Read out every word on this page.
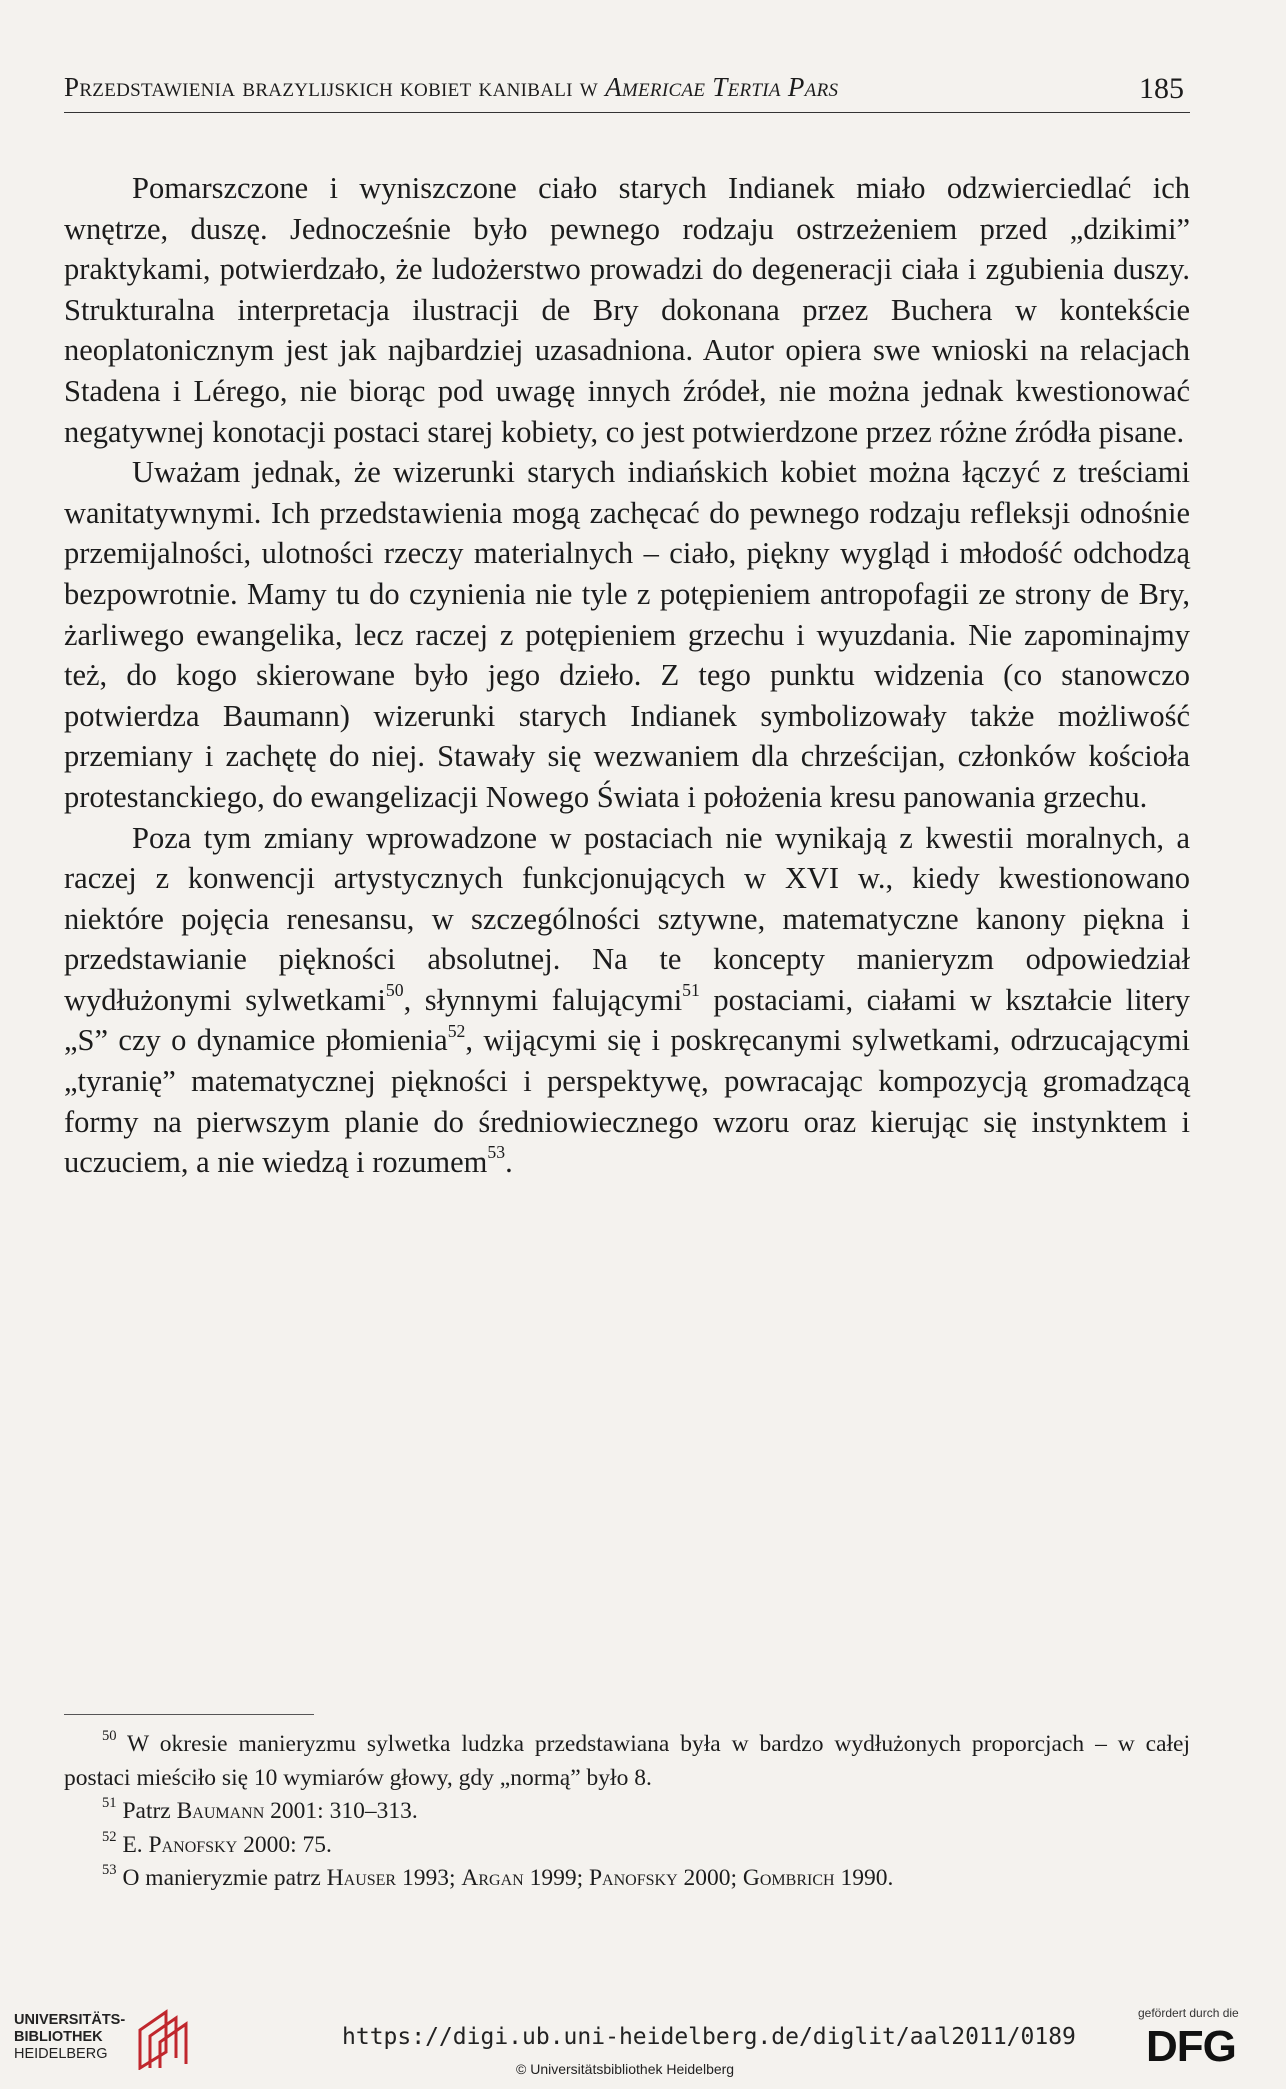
Przedstawienia brazylijskich kobiet kanibali w Americae Tertia Pars	185

Pomarszczone i wyniszczone ciało starych Indianek miało odzwierciedlać ich wnętrze, duszę. Jednocześnie było pewnego rodzaju ostrzeżeniem przed „dzikimi” praktykami, potwierdzało, że ludożerstwo prowadzi do degeneracji ciała i zgubienia duszy. Strukturalna interpretacja ilustracji de Bry dokonana przez Buchera w kontekście neoplatonicznym jest jak najbardziej uzasadniona. Autor opiera swe wnioski na relacjach Stadena i Lérego, nie biorąc pod uwagę innych źródeł, nie można jednak kwestionować negatywnej konotacji postaci starej kobiety, co jest potwierdzone przez różne źródła pisane.

Uważam jednak, że wizerunki starych indiańskich kobiet można łączyć z treściami wanitatywnymi. Ich przedstawienia mogą zachęcać do pewnego rodzaju refleksji odnośnie przemijalności, ulotności rzeczy materialnych – ciało, piękny wygląd i młodość odchodzą bezpowrotnie. Mamy tu do czynienia nie tyle z potępieniem antropofagii ze strony de Bry, żarliwego ewangelika, lecz raczej z potępieniem grzechu i wyuzdania. Nie zapominajmy też, do kogo skierowane było jego dzieło. Z tego punktu widzenia (co stanowczo potwierdza Baumann) wizerunki starych Indianek symbolizowały także możliwość przemiany i zachętę do niej. Stawały się wezwaniem dla chrześcijan, członków kościoła protestanckiego, do ewangelizacji Nowego Świata i położenia kresu panowania grzechu.

Poza tym zmiany wprowadzone w postaciach nie wynikają z kwestii moralnych, a raczej z konwencji artystycznych funkcjonujących w XVI w., kiedy kwestionowano niektóre pojęcia renesansu, w szczególności sztywne, matematyczne kanony piękna i przedstawianie piękności absolutnej. Na te koncepty manieryzm odpowiedział wydłużonymi sylwetkami$^{50}$, słynnymi falującymi$^{51}$ postaciami, ciałami w kształcie litery „S” czy o dynamice płomienia$^{52}$, wijącymi się i poskręcanymi sylwetkami, odrzucającymi „tyranię” matematycznej piękności i perspektywę, powracając kompozycją gromadzącą formy na pierwszym planie do średniowiecznego wzoru oraz kierując się instynktem i uczuciem, a nie wiedzą i rozumem$^{53}$.

$^{50}$ W okresie manieryzmu sylwetka ludzka przedstawiana była w bardzo wydłużonych proporcjach – w całej postaci mieściło się 10 wymiarów głowy, gdy „normą” było 8.

$^{51}$ Patrz Baumann 2001: 310–313.

$^{52}$ E. Panofsky 2000: 75.

$^{53}$ O manieryzmie patrz Hauser 1993; Argan 1999; Panofsky 2000; Gombrich 1990.

UNIVERSITÄTS-
BIBLIOTHEK
HEIDELBERG
https://digi.ub.uni-heidelberg.de/diglit/aal2011/0189
© Universitätsbibliothek Heidelberg
gefördert durch die
DFG
